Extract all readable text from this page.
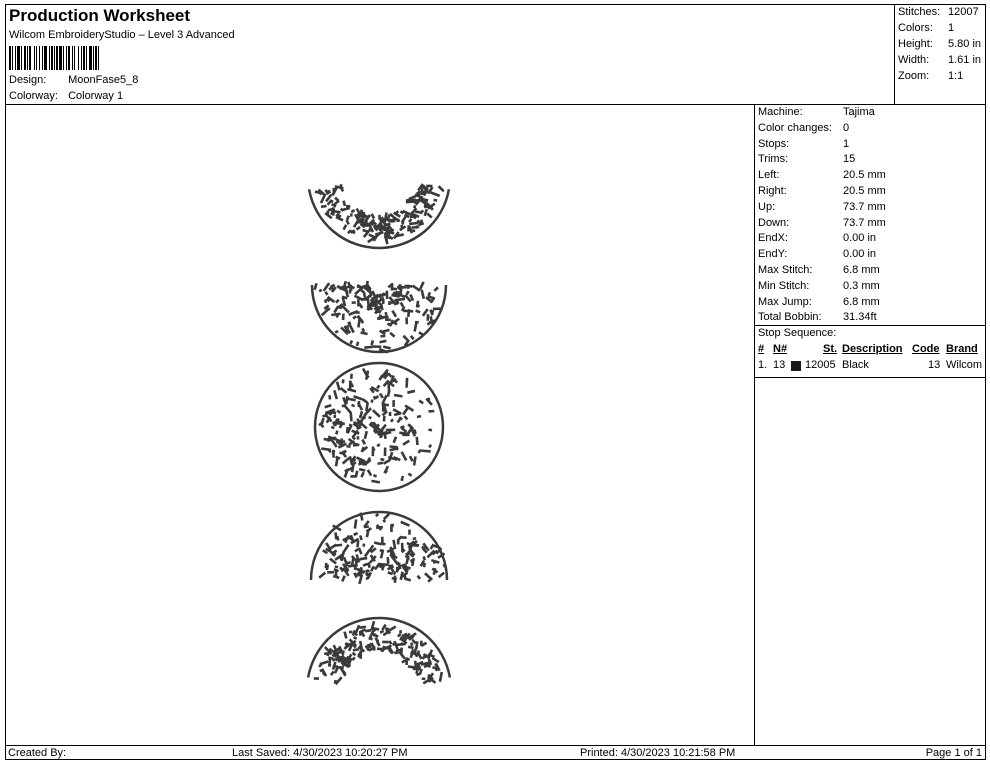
Production Worksheet
Wilcom EmbroideryStudio – Level 3 Advanced
Design: MoonFase5_8
Colorway: Colorway 1
Stitches: 12007
Colors: 1
Height: 5.80 in
Width: 1.61 in
Zoom: 1:1
Machine:	Tajima
Color changes: 0
Stops:	1
Trims:	15
Left:	20.5 mm
Right:	20.5 mm
Up:	73.7 mm
Down:	73.7 mm
EndX:	0.00 in
EndY:	0.00 in
Max Stitch:	6.8 mm
Min Stitch:	0.3 mm
Max Jump:	6.8 mm
Total Bobbin: 31.34ft
Stop Sequence:
# N#	St. Description Code Brand
1. 13 12005 Black	13 Wilcom
Created By:	Last Saved: 4/30/2023 10:20:27 PM	Printed: 4/30/2023 10:21:58 PM	Page 1 of 1
